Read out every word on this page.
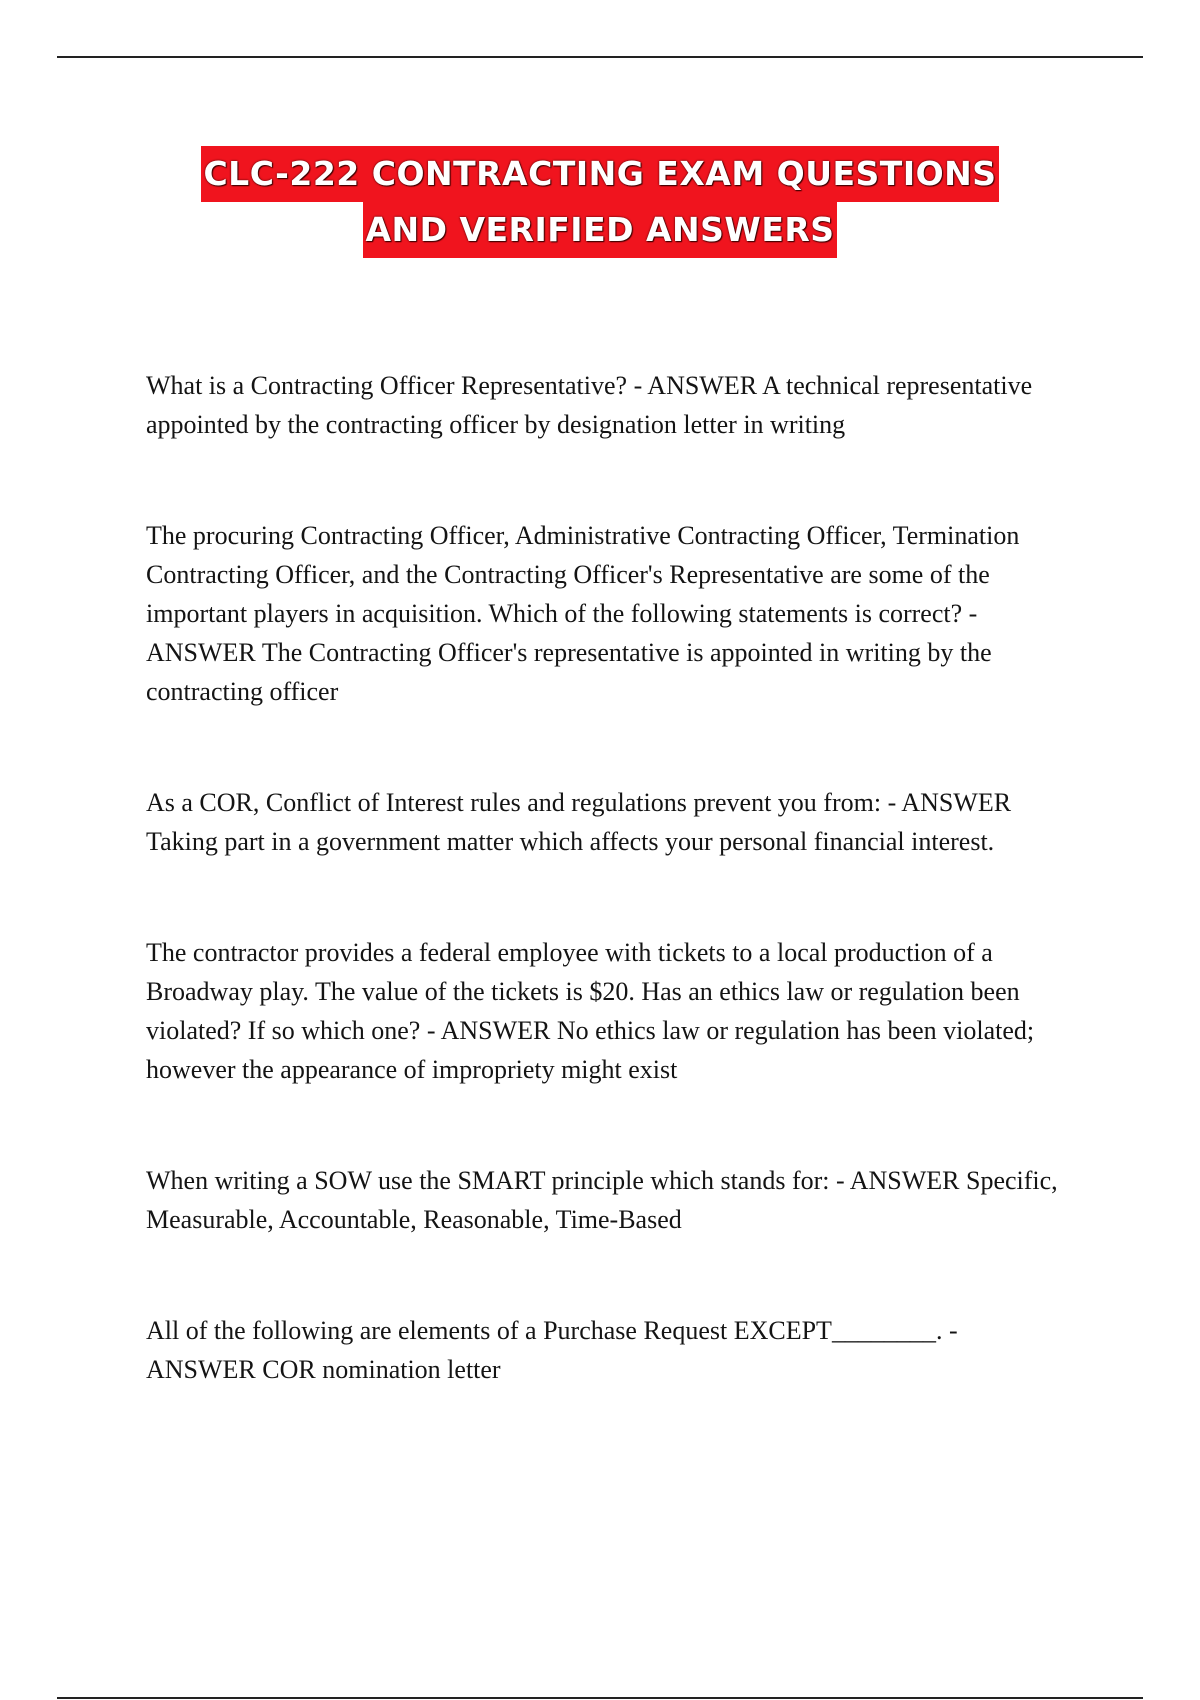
CLC-222 CONTRACTING EXAM QUESTIONS
AND VERIFIED ANSWERS

What is a Contracting Officer Representative? - ANSWER A technical representative appointed by the contracting officer by designation letter in writing

The procuring Contracting Officer, Administrative Contracting Officer, Termination Contracting Officer, and the Contracting Officer's Representative are some of the important players in acquisition. Which of the following statements is correct? - ANSWER The Contracting Officer's representative is appointed in writing by the contracting officer

As a COR, Conflict of Interest rules and regulations prevent you from: - ANSWER Taking part in a government matter which affects your personal financial interest.

The contractor provides a federal employee with tickets to a local production of a Broadway play. The value of the tickets is $20. Has an ethics law or regulation been violated? If so which one? - ANSWER No ethics law or regulation has been violated; however the appearance of impropriety might exist

When writing a SOW use the SMART principle which stands for: - ANSWER Specific, Measurable, Accountable, Reasonable, Time-Based

All of the following are elements of a Purchase Request EXCEPT________. - ANSWER COR nomination letter
